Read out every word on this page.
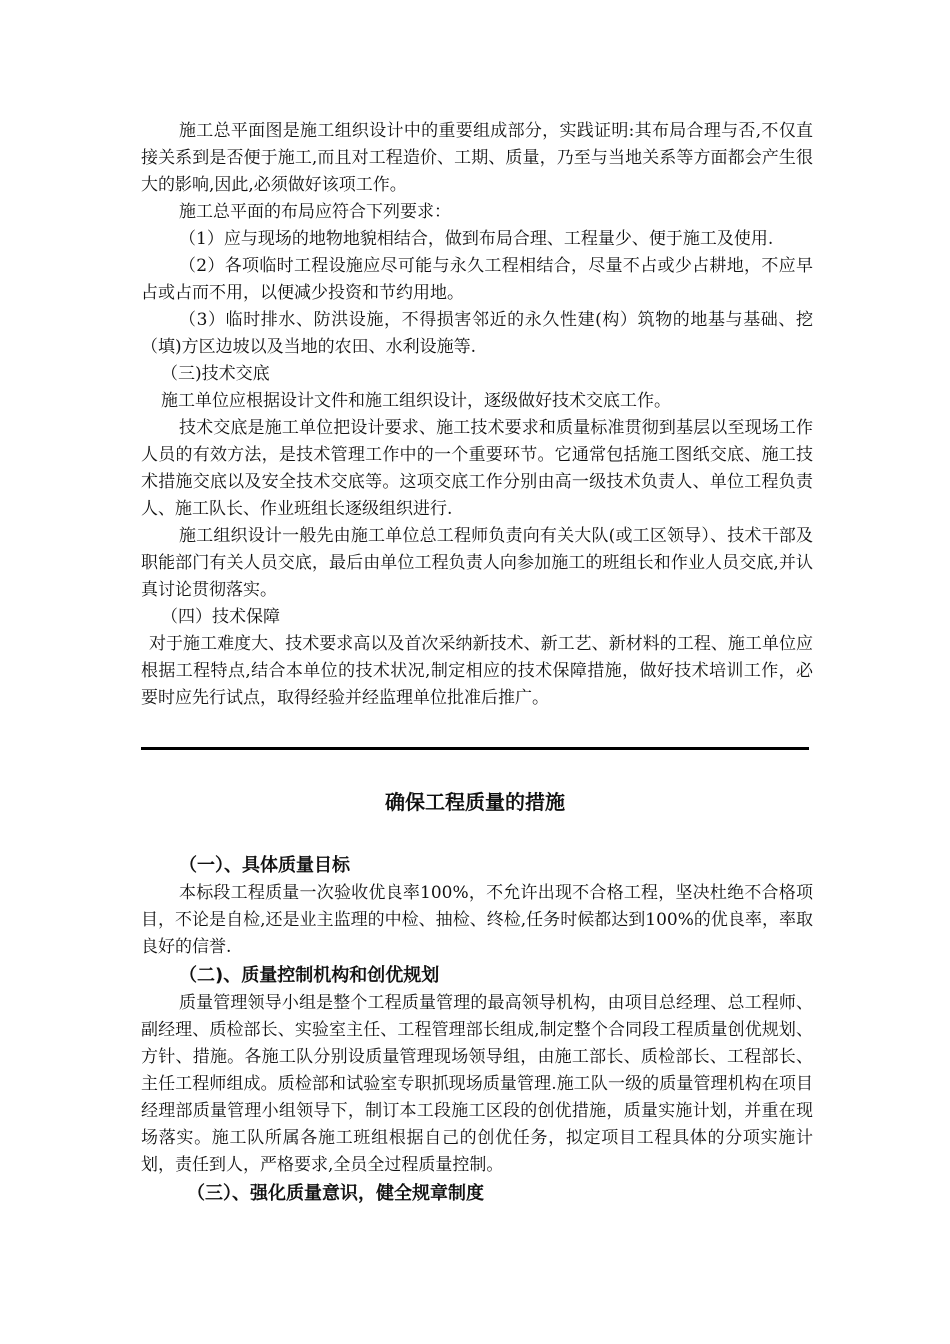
施工总平面图是施工组织设计中的重要组成部分，实践证明:其布局合理与否,不仅直接关系到是否便于施工,而且对工程造价、工期、质量，乃至与当地关系等方面都会产生很大的影响,因此,必须做好该项工作。

施工总平面的布局应符合下列要求：

（1）应与现场的地物地貌相结合，做到布局合理、工程量少、便于施工及使用.

（2）各项临时工程设施应尽可能与永久工程相结合，尽量不占或少占耕地，不应早占或占而不用，以便减少投资和节约用地。

（3）临时排水、防洪设施，不得损害邻近的永久性建(构）筑物的地基与基础、挖（填)方区边坡以及当地的农田、水利设施等.

（三)技术交底

施工单位应根据设计文件和施工组织设计，逐级做好技术交底工作。

技术交底是施工单位把设计要求、施工技术要求和质量标准贯彻到基层以至现场工作人员的有效方法，是技术管理工作中的一个重要环节。它通常包括施工图纸交底、施工技术措施交底以及安全技术交底等。这项交底工作分别由高一级技术负责人、单位工程负责人、施工队长、作业班组长逐级组织进行.

施工组织设计一般先由施工单位总工程师负责向有关大队(或工区领导）、技术干部及职能部门有关人员交底，最后由单位工程负责人向参加施工的班组长和作业人员交底,并认真讨论贯彻落实。

（四）技术保障

对于施工难度大、技术要求高以及首次采纳新技术、新工艺、新材料的工程、施工单位应根据工程特点,结合本单位的技术状况,制定相应的技术保障措施，做好技术培训工作，必要时应先行试点，取得经验并经监理单位批准后推广。

确保工程质量的措施
（一）、具体质量目标

本标段工程质量一次验收优良率100%，不允许出现不合格工程，坚决杜绝不合格项目，不论是自检,还是业主监理的中检、抽检、终检,任务时候都达到100%的优良率，率取良好的信誉.

（二)、质量控制机构和创优规划

质量管理领导小组是整个工程质量管理的最高领导机构，由项目总经理、总工程师、副经理、质检部长、实验室主任、工程管理部长组成,制定整个合同段工程质量创优规划、方针、措施。各施工队分别设质量管理现场领导组，由施工部长、质检部长、工程部长、主任工程师组成。质检部和试验室专职抓现场质量管理.施工队一级的质量管理机构在项目经理部质量管理小组领导下，制订本工段施工区段的创优措施，质量实施计划，并重在现场落实。施工队所属各施工班组根据自己的创优任务，拟定项目工程具体的分项实施计划，责任到人，严格要求,全员全过程质量控制。

（三）、强化质量意识，健全规章制度
